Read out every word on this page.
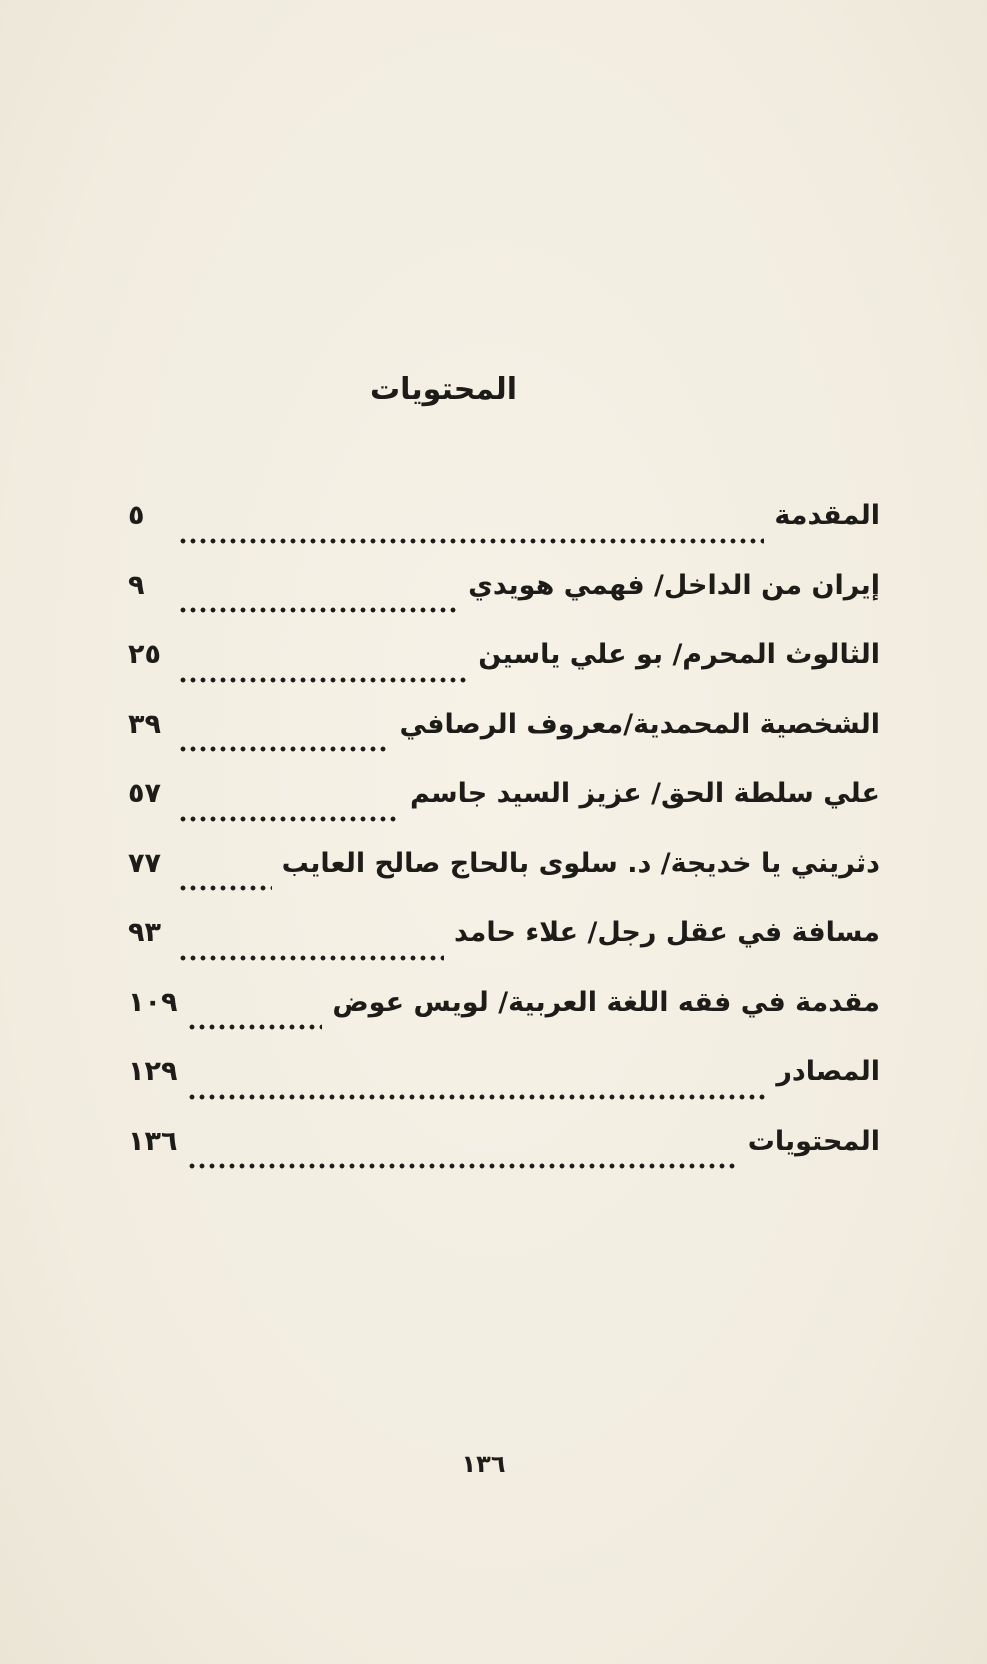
المحتويات
المقدمة
٥
إيران من الداخل/ فهمي هويدي
٩
الثالوث المحرم/ بو علي ياسين
٢٥
الشخصية المحمدية/معروف الرصافي
٣٩
علي سلطة الحق/ عزيز السيد جاسم
٥٧
دثريني يا خديجة/ د. سلوى بالحاج صالح العايب
٧٧
مسافة في عقل رجل/ علاء حامد
٩٣
مقدمة في فقه اللغة العربية/ لويس عوض
١٠٩
المصادر
١٢٩
المحتويات
١٣٦
١٣٦
